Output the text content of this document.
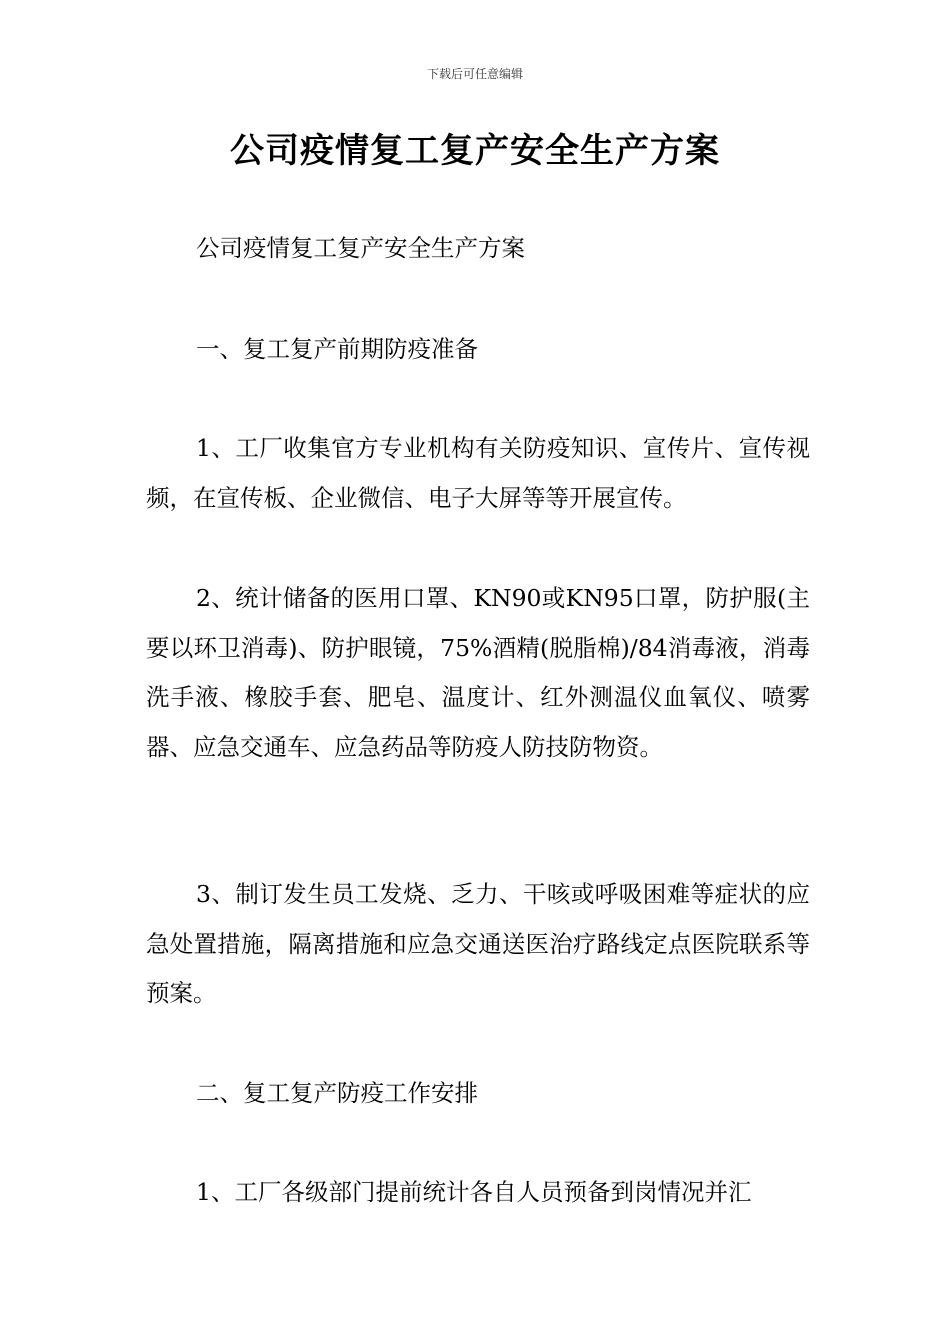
下载后可任意编辑
公司疫情复工复产安全生产方案

公司疫情复工复产安全生产方案

一、复工复产前期防疫准备

1、工厂收集官方专业机构有关防疫知识、宣传片、宣传视频，在宣传板、企业微信、电子大屏等等开展宣传。

2、统计储备的医用口罩、KN90或KN95口罩，防护服(主要以环卫消毒)、防护眼镜，75%酒精(脱脂棉)/84消毒液，消毒洗手液、橡胶手套、肥皂、温度计、红外测温仪血氧仪、喷雾器、应急交通车、应急药品等防疫人防技防物资。

3、制订发生员工发烧、乏力、干咳或呼吸困难等症状的应急处置措施，隔离措施和应急交通送医治疗路线定点医院联系等预案。

二、复工复产防疫工作安排

1、工厂各级部门提前统计各自人员预备到岗情况并汇
